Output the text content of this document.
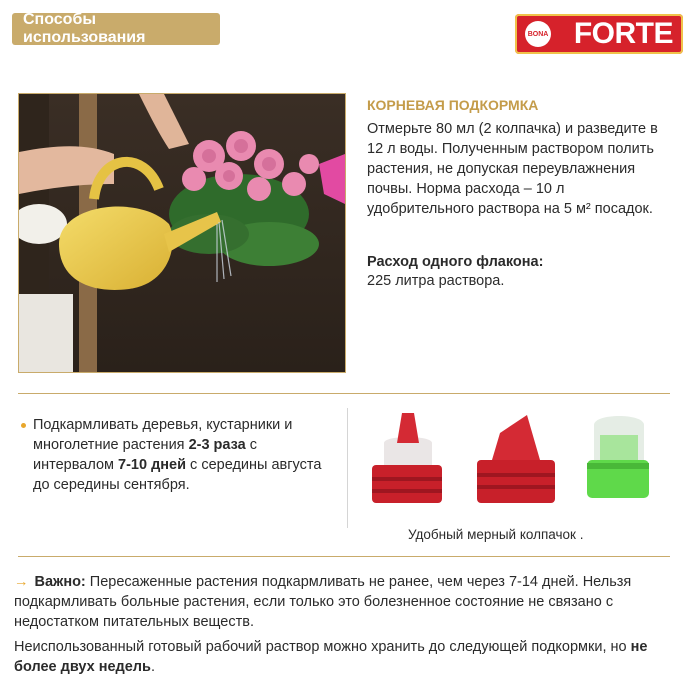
Способы использования	BONA FORTE
КОРНЕВАЯ ПОДКОРМКА
Отмерьте 80 мл (2 колпачка) и разведите в 12 л воды. Полученным раствором полить растения, не допуская переувлажнения почвы. Норма расхода – 10 л удобрительного раствора на 5 м² посадок.
Расход одного флакона:
225 литра раствора.
Подкармливать деревья, кустарники и многолетние растения 2-3 раза с интервалом 7-10 дней с середины августа до середины сентября.
Удобный мерный колпачок .
→ Важно: Пересаженные растения подкармливать не ранее, чем через 7-14 дней. Нельзя подкармливать больные растения, если только это болезненное состояние не связано с недостатком питательных веществ.
Неиспользованный готовый рабочий раствор можно хранить до следующей подкормки, но не более двух недель.
